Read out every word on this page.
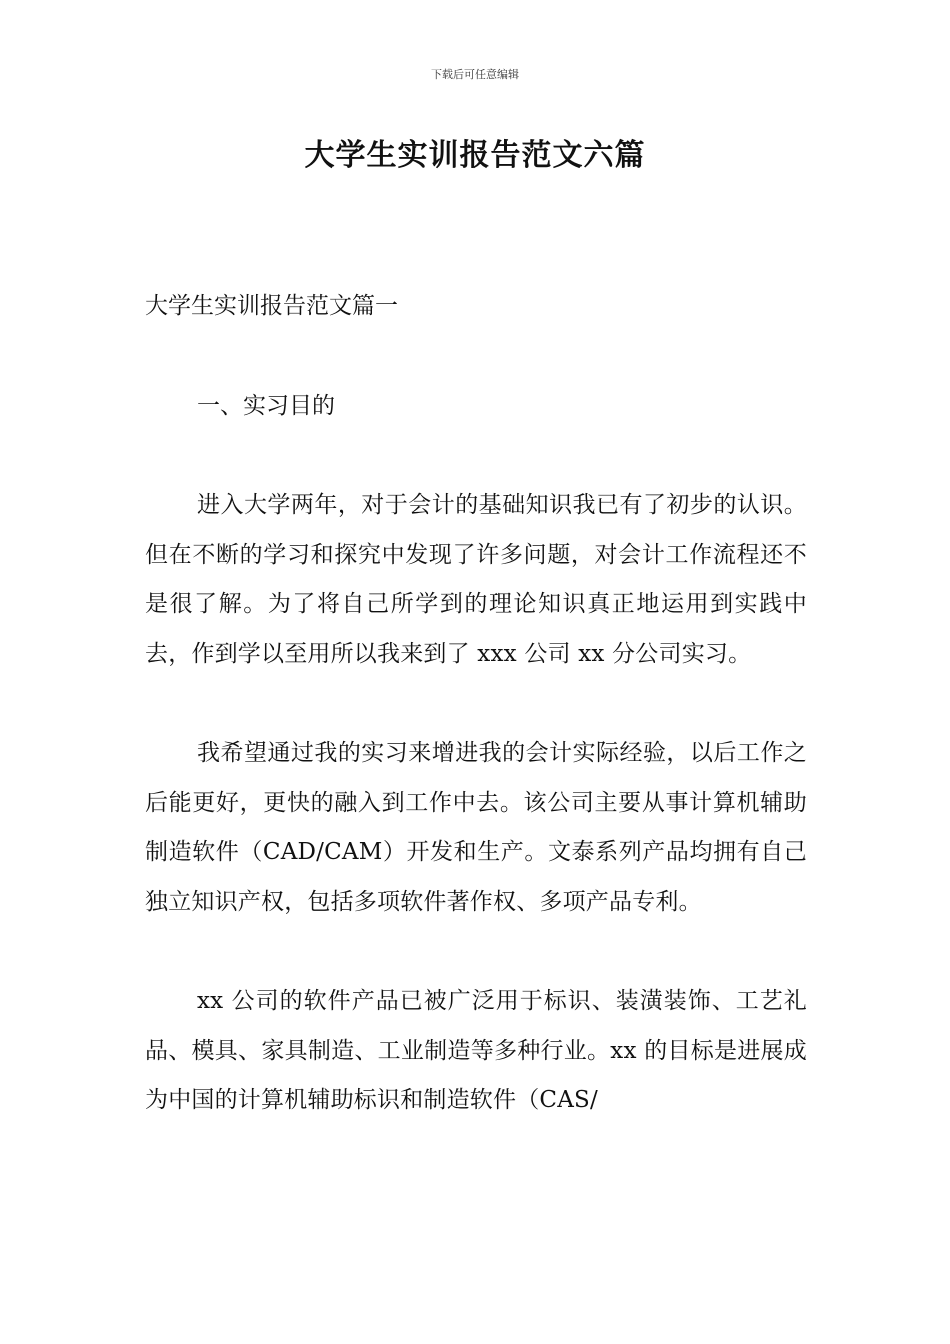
下载后可任意编辑
大学生实训报告范文六篇
大学生实训报告范文篇一
一、实习目的

进入大学两年，对于会计的基础知识我已有了初步的认识。但在不断的学习和探究中发现了许多问题，对会计工作流程还不是很了解。为了将自己所学到的理论知识真正地运用到实践中去，作到学以至用所以我来到了 xxx 公司 xx 分公司实习。

我希望通过我的实习来增进我的会计实际经验，以后工作之后能更好，更快的融入到工作中去。该公司主要从事计算机辅助制造软件（CAD/CAM）开发和生产。文泰系列产品均拥有自己独立知识产权，包括多项软件著作权、多项产品专利。

xx 公司的软件产品已被广泛用于标识、装潢装饰、工艺礼品、模具、家具制造、工业制造等多种行业。xx 的目标是进展成为中国的计算机辅助标识和制造软件（CAS/
